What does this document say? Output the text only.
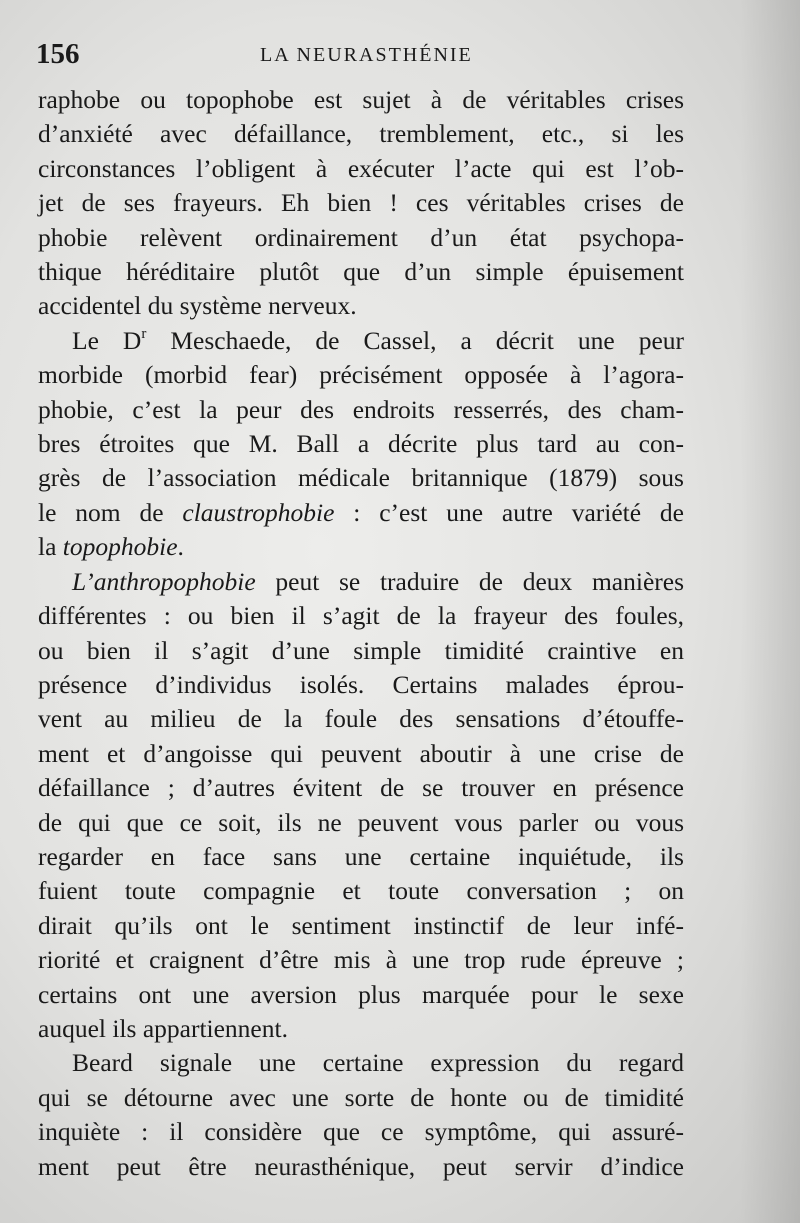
156	LA NEURASTHÉNIE

raphobe ou topophobe est sujet à de véritables crises
d’anxiété avec défaillance, tremblement, etc., si les
circonstances l’obligent à exécuter l’acte qui est l’ob-
jet de ses frayeurs. Eh bien ! ces véritables crises de
phobie relèvent ordinairement d’un état psychopa-
thique héréditaire plutôt que d’un simple épuisement
accidentel du système nerveux.

Le $D^r$ Meschaede, de Cassel, a décrit une peur
morbide (morbid fear) précisément opposée à l’agora-
phobie, c’est la peur des endroits resserrés, des cham-
bres étroites que M. Ball a décrite plus tard au con-
grès de l’association médicale britannique (1879) sous
le nom de claustrophobie : c’est une autre variété de
la topophobie.

L’anthropophobie peut se traduire de deux manières
différentes : ou bien il s’agit de la frayeur des foules,
ou bien il s’agit d’une simple timidité craintive en
présence d’individus isolés. Certains malades éprou-
vent au milieu de la foule des sensations d’étouffe-
ment et d’angoisse qui peuvent aboutir à une crise de
défaillance ; d’autres évitent de se trouver en présence
de qui que ce soit, ils ne peuvent vous parler ou vous
regarder en face sans une certaine inquiétude, ils
fuient toute compagnie et toute conversation ; on
dirait qu’ils ont le sentiment instinctif de leur infé-
riorité et craignent d’être mis à une trop rude épreuve ;
certains ont une aversion plus marquée pour le sexe
auquel ils appartiennent.

Beard signale une certaine expression du regard
qui se détourne avec une sorte de honte ou de timidité
inquiète : il considère que ce symptôme, qui assuré-
ment peut être neurasthénique, peut servir d’indice
